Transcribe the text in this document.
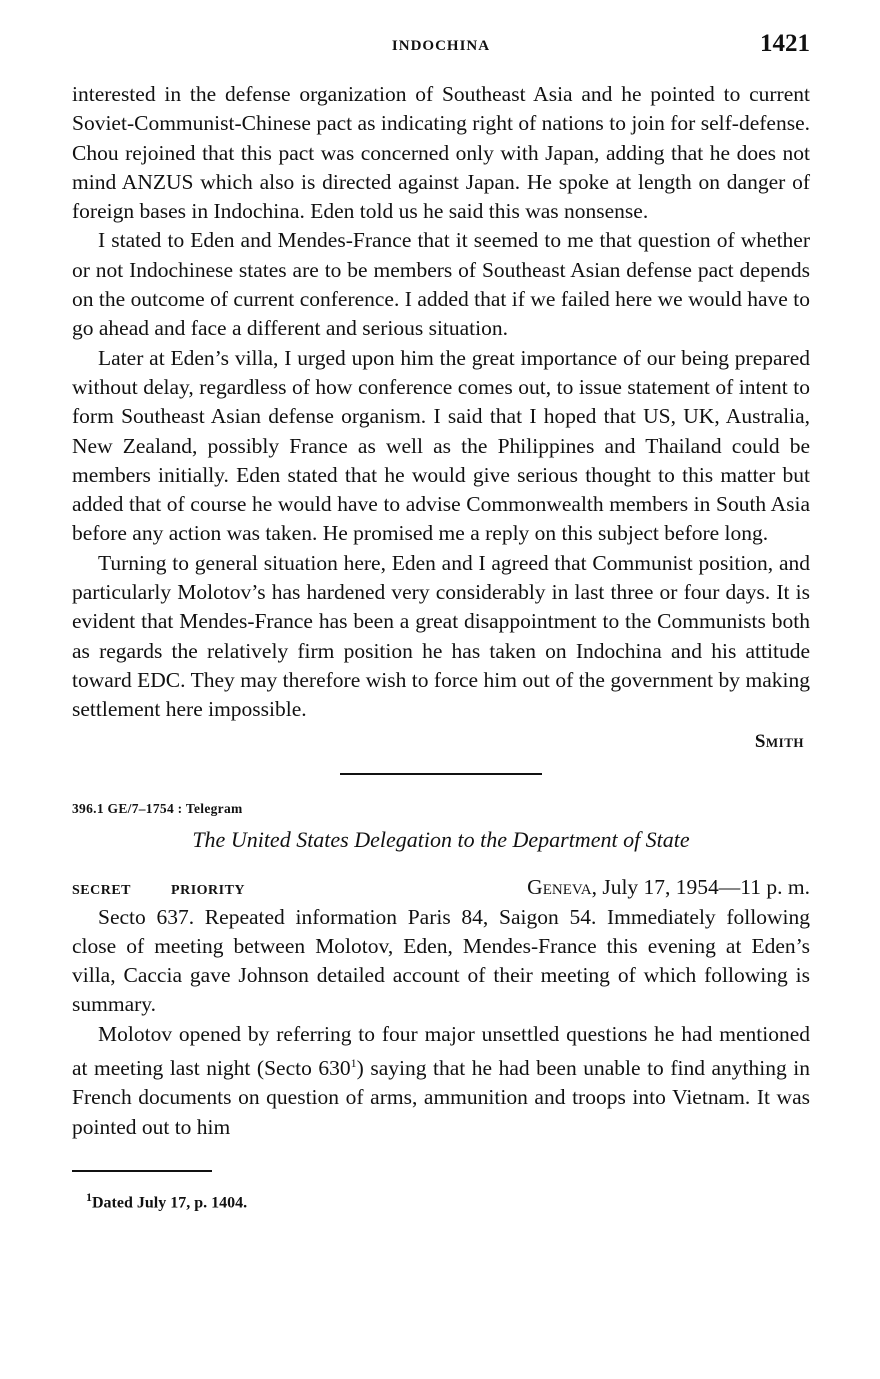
INDOCHINA	1421

interested in the defense organization of Southeast Asia and he pointed to current Soviet-Communist-Chinese pact as indicating right of nations to join for self-defense. Chou rejoined that this pact was concerned only with Japan, adding that he does not mind ANZUS which also is directed against Japan. He spoke at length on danger of foreign bases in Indochina. Eden told us he said this was nonsense.

I stated to Eden and Mendes-France that it seemed to me that question of whether or not Indochinese states are to be members of Southeast Asian defense pact depends on the outcome of current conference. I added that if we failed here we would have to go ahead and face a different and serious situation.

Later at Eden’s villa, I urged upon him the great importance of our being prepared without delay, regardless of how conference comes out, to issue statement of intent to form Southeast Asian defense organism. I said that I hoped that US, UK, Australia, New Zealand, possibly France as well as the Philippines and Thailand could be members initially. Eden stated that he would give serious thought to this matter but added that of course he would have to advise Commonwealth members in South Asia before any action was taken. He promised me a reply on this subject before long.

Turning to general situation here, Eden and I agreed that Communist position, and particularly Molotov’s has hardened very considerably in last three or four days. It is evident that Mendes-France has been a great disappointment to the Communists both as regards the relatively firm position he has taken on Indochina and his attitude toward EDC. They may therefore wish to force him out of the government by making settlement here impossible.

Smith
396.1 GE/7–1754 : Telegram
The United States Delegation to the Department of State
SECRET	PRIORITY	Geneva, July 17, 1954—11 p. m.

Secto 637. Repeated information Paris 84, Saigon 54. Immediately following close of meeting between Molotov, Eden, Mendes-France this evening at Eden’s villa, Caccia gave Johnson detailed account of their meeting of which following is summary.

Molotov opened by referring to four major unsettled questions he had mentioned at meeting last night (Secto $630^1$) saying that he had been unable to find anything in French documents on question of arms, ammunition and troops into Vietnam. It was pointed out to him

$^1$Dated July 17, p. 1404.
